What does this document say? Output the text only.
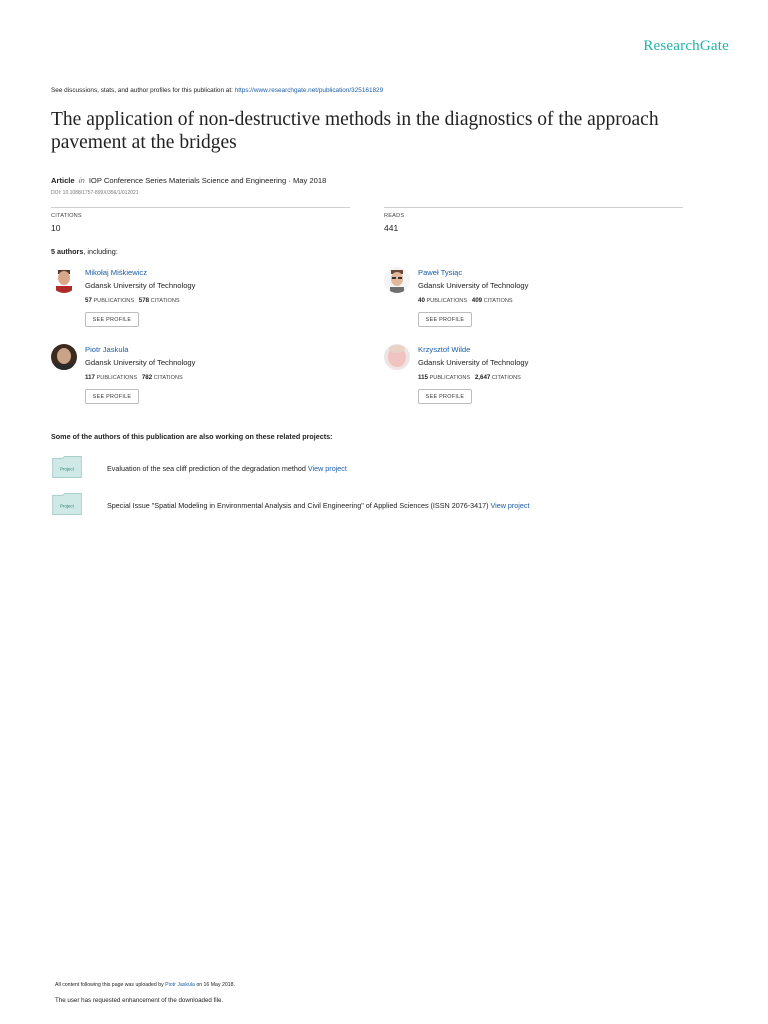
ResearchGate
See discussions, stats, and author profiles for this publication at: https://www.researchgate.net/publication/325161829
The application of non-destructive methods in the diagnostics of the approach pavement at the bridges
Article in IOP Conference Series Materials Science and Engineering · May 2018
DOI: 10.1088/1757-899X/356/1/012021
CITATIONS
10
READS
441
5 authors, including:
Mikołaj Miśkiewicz
Gdansk University of Technology
57 PUBLICATIONS 578 CITATIONS
SEE PROFILE
Paweł Tysiąc
Gdansk University of Technology
40 PUBLICATIONS 409 CITATIONS
SEE PROFILE
Piotr Jaskula
Gdansk University of Technology
117 PUBLICATIONS 782 CITATIONS
SEE PROFILE
Krzysztof Wilde
Gdansk University of Technology
115 PUBLICATIONS 2,647 CITATIONS
SEE PROFILE
Some of the authors of this publication are also working on these related projects:
Project	Evaluation of the sea cliff prediction of the degradation method View project
Project	Special Issue "Spatial Modeling in Environmental Analysis and Civil Engineering" of Applied Sciences (ISSN 2076-3417) View project
All content following this page was uploaded by Piotr Jaskula on 16 May 2018.
The user has requested enhancement of the downloaded file.
